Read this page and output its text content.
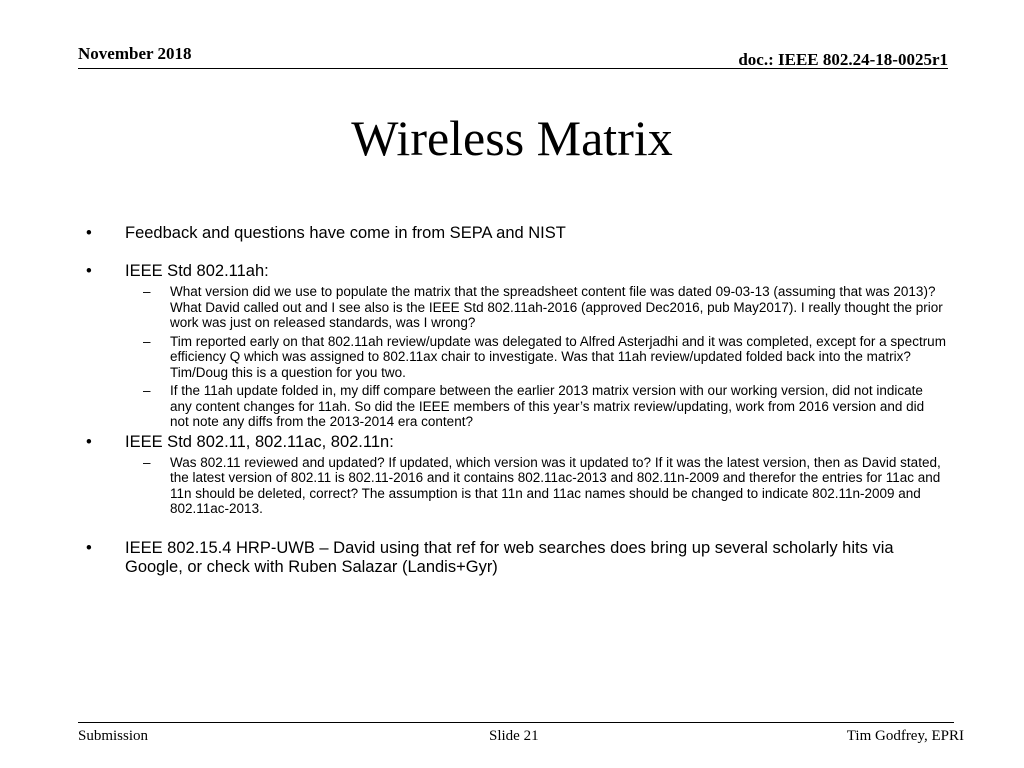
November 2018	doc.: IEEE 802.24-18-0025r1
Wireless Matrix
• Feedback and questions have come in from SEPA and NIST
• IEEE Std 802.11ah:
– What version did we use to populate the matrix that the spreadsheet content file was dated 09-03-13 (assuming that was 2013)? What David called out and I see also is the IEEE Std 802.11ah-2016 (approved Dec2016, pub May2017). I really thought the prior work was just on released standards, was I wrong?
– Tim reported early on that 802.11ah review/update was delegated to Alfred Asterjadhi and it was completed, except for a spectrum efficiency Q which was assigned to 802.11ax chair to investigate. Was that 11ah review/updated folded back into the matrix? Tim/Doug this is a question for you two.
– If the 11ah update folded in, my diff compare between the earlier 2013 matrix version with our working version, did not indicate any content changes for 11ah. So did the IEEE members of this year’s matrix review/updating, work from 2016 version and did not note any diffs from the 2013-2014 era content?
• IEEE Std 802.11, 802.11ac, 802.11n:
– Was 802.11 reviewed and updated? If updated, which version was it updated to? If it was the latest version, then as David stated, the latest version of 802.11 is 802.11-2016 and it contains 802.11ac-2013 and 802.11n-2009 and therefor the entries for 11ac and 11n should be deleted, correct? The assumption is that 11n and 11ac names should be changed to indicate 802.11n-2009 and 802.11ac-2013.
• IEEE 802.15.4 HRP-UWB – David using that ref for web searches does bring up several scholarly hits via Google, or check with Ruben Salazar (Landis+Gyr)
Submission	Slide 21	Tim Godfrey, EPRI
